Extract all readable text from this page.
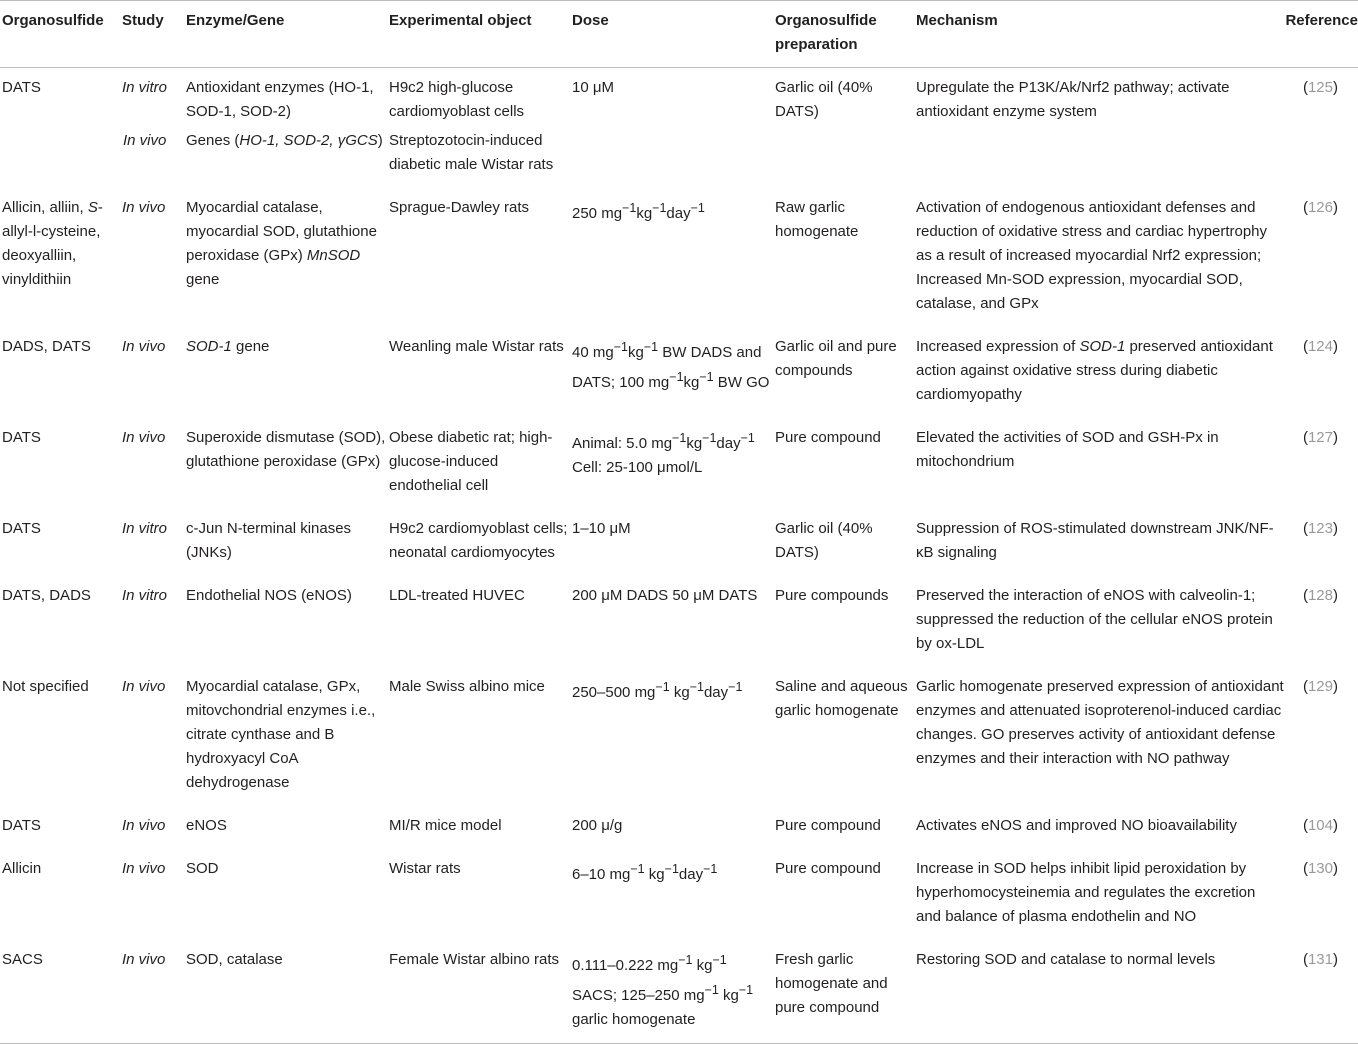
Organosulfide	Study	Enzyme/Gene	Experimental object	Dose	Organosulfide preparation	Mechanism	Reference
DATS	In vitro	Antioxidant enzymes (HO-1, SOD-1, SOD-2)	H9c2 high-glucose cardiomyoblast cells	10 μM	Garlic oil (40% DATS)	Upregulate the P13K/Ak/Nrf2 pathway; activate antioxidant enzyme system	(125)
	In vivo	Genes (HO-1, SOD-2, γGCS)	Streptozotocin-induced diabetic male Wistar rats				
Allicin, alliin, S-allyl-l-cysteine, deoxyalliin, vinyldithiin	In vivo	Myocardial catalase, myocardial SOD, glutathione peroxidase (GPx) MnSOD gene	Sprague-Dawley rats	250 $mg^{-1}kg^{-1}day^{-1}$	Raw garlic homogenate	Activation of endogenous antioxidant defenses and reduction of oxidative stress and cardiac hypertrophy as a result of increased myocardial Nrf2 expression; Increased Mn-SOD expression, myocardial SOD, catalase, and GPx	(126)
DADS, DATS	In vivo	SOD-1 gene	Weanling male Wistar rats	40 $mg^{-1}kg^{-1}$ BW DADS and DATS; 100 $mg^{-1}kg^{-1}$ BW GO	Garlic oil and pure compounds	Increased expression of SOD-1 preserved antioxidant action against oxidative stress during diabetic cardiomyopathy	(124)
DATS	In vivo	Superoxide dismutase (SOD), glutathione peroxidase (GPx)	Obese diabetic rat; high-glucose-induced endothelial cell	Animal: 5.0 $mg^{-1}kg^{-1}day^{-1}$ Cell: 25-100 μmol/L	Pure compound	Elevated the activities of SOD and GSH-Px in mitochondrium	(127)
DATS	In vitro	c-Jun N-terminal kinases (JNKs)	H9c2 cardiomyoblast cells; neonatal cardiomyocytes	1–10 μM	Garlic oil (40% DATS)	Suppression of ROS-stimulated downstream JNK/NF-κB signaling	(123)
DATS, DADS	In vitro	Endothelial NOS (eNOS)	LDL-treated HUVEC	200 μM DADS 50 μM DATS	Pure compounds	Preserved the interaction of eNOS with calveolin-1; suppressed the reduction of the cellular eNOS protein by ox-LDL	(128)
Not specified	In vivo	Myocardial catalase, GPx, mitovchondrial enzymes i.e., citrate cynthase and B hydroxyacyl CoA dehydrogenase	Male Swiss albino mice	250–500 $mg^{-1}$ $kg^{-1}day^{-1}$	Saline and aqueous garlic homogenate	Garlic homogenate preserved expression of antioxidant enzymes and attenuated isoproterenol-induced cardiac changes. GO preserves activity of antioxidant defense enzymes and their interaction with NO pathway	(129)
DATS	In vivo	eNOS	MI/R mice model	200 μ/g	Pure compound	Activates eNOS and improved NO bioavailability	(104)
Allicin	In vivo	SOD	Wistar rats	6–10 $mg^{-1}$ $kg^{-1}day^{-1}$	Pure compound	Increase in SOD helps inhibit lipid peroxidation by hyperhomocysteinemia and regulates the excretion and balance of plasma endothelin and NO	(130)
SACS	In vivo	SOD, catalase	Female Wistar albino rats	0.111–0.222 $mg^{-1}$ $kg^{-1}$ SACS; 125–250 $mg^{-1}$ $kg^{-1}$ garlic homogenate	Fresh garlic homogenate and pure compound	Restoring SOD and catalase to normal levels	(131)
